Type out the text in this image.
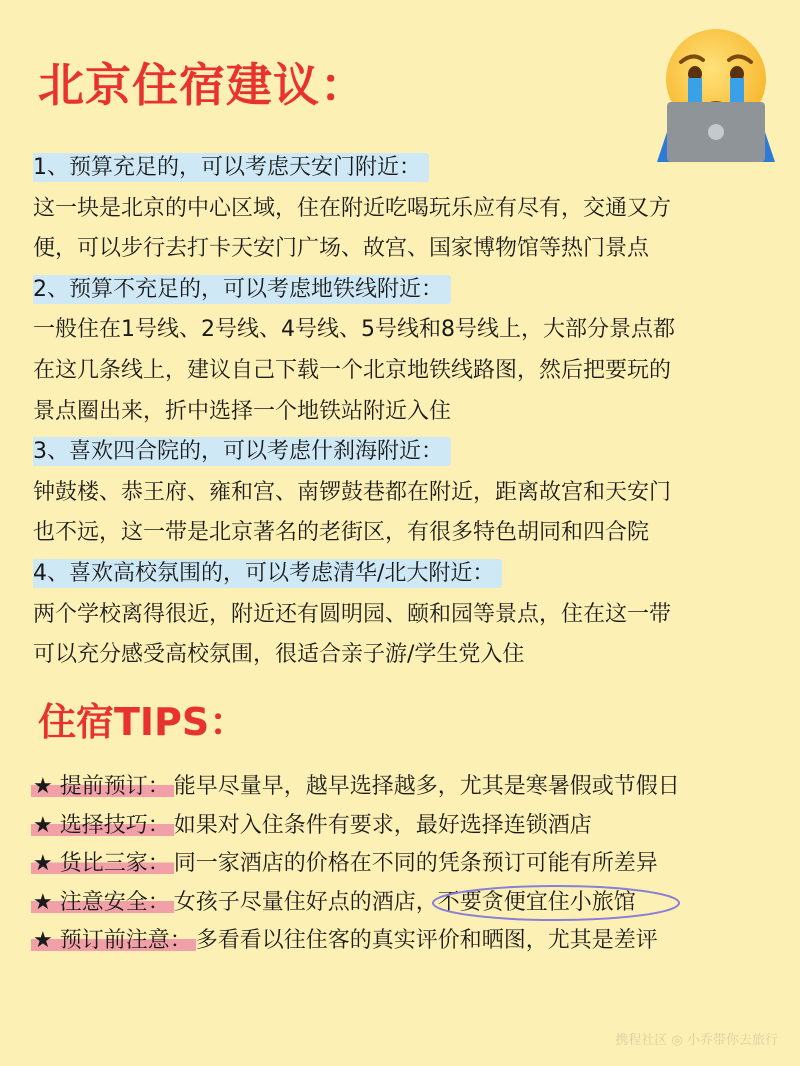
北京住宿建议：
1、预算充足的，可以考虑天安门附近：
这一块是北京的中心区域，住在附近吃喝玩乐应有尽有，交通又方
便，可以步行去打卡天安门广场、故宫、国家博物馆等热门景点
2、预算不充足的，可以考虑地铁线附近：
一般住在1号线、2号线、4号线、5号线和8号线上，大部分景点都
在这几条线上，建议自己下载一个北京地铁线路图，然后把要玩的
景点圈出来，折中选择一个地铁站附近入住
3、喜欢四合院的，可以考虑什刹海附近：
钟鼓楼、恭王府、雍和宫、南锣鼓巷都在附近，距离故宫和天安门
也不远，这一带是北京著名的老街区，有很多特色胡同和四合院
4、喜欢高校氛围的，可以考虑清华/北大附近：
两个学校离得很近，附近还有圆明园、颐和园等景点，住在这一带
可以充分感受高校氛围，很适合亲子游/学生党入住
住宿TIPS：
★ 提前预订： 能早尽量早，越早选择越多，尤其是寒暑假或节假日
★ 选择技巧： 如果对入住条件有要求，最好选择连锁酒店
★ 货比三家： 同一家酒店的价格在不同的凭条预订可能有所差异
★ 注意安全： 女孩子尽量住好点的酒店，不要贪便宜住小旅馆
★ 预订前注意： 多看看以往住客的真实评价和晒图，尤其是差评
携程社区 ◎ 小乔带你去旅行
